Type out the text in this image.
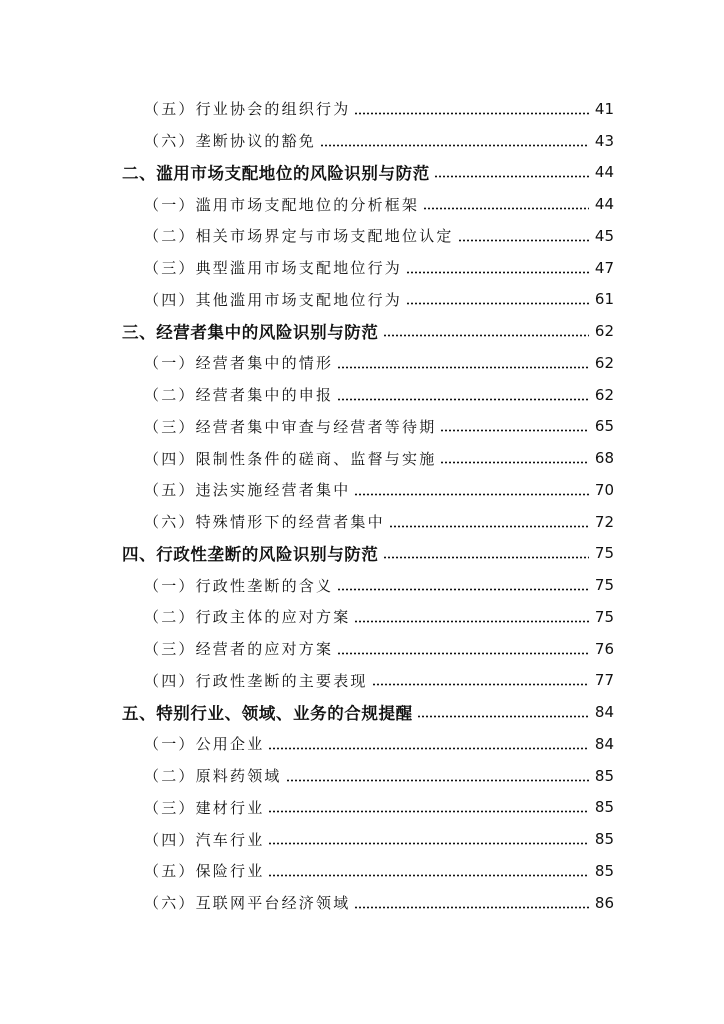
（五）行业协会的组织行为	41
（六）垄断协议的豁免	43
二、滥用市场支配地位的风险识别与防范	44
（一）滥用市场支配地位的分析框架	44
（二）相关市场界定与市场支配地位认定	45
（三）典型滥用市场支配地位行为	47
（四）其他滥用市场支配地位行为	61
三、经营者集中的风险识别与防范	62
（一）经营者集中的情形	62
（二）经营者集中的申报	62
（三）经营者集中审查与经营者等待期	65
（四）限制性条件的磋商、监督与实施	68
（五）违法实施经营者集中	70
（六）特殊情形下的经营者集中	72
四、行政性垄断的风险识别与防范	75
（一）行政性垄断的含义	75
（二）行政主体的应对方案	75
（三）经营者的应对方案	76
（四）行政性垄断的主要表现	77
五、特别行业、领域、业务的合规提醒	84
（一）公用企业	84
（二）原料药领域	85
（三）建材行业	85
（四）汽车行业	85
（五）保险行业	85
（六）互联网平台经济领域	86
